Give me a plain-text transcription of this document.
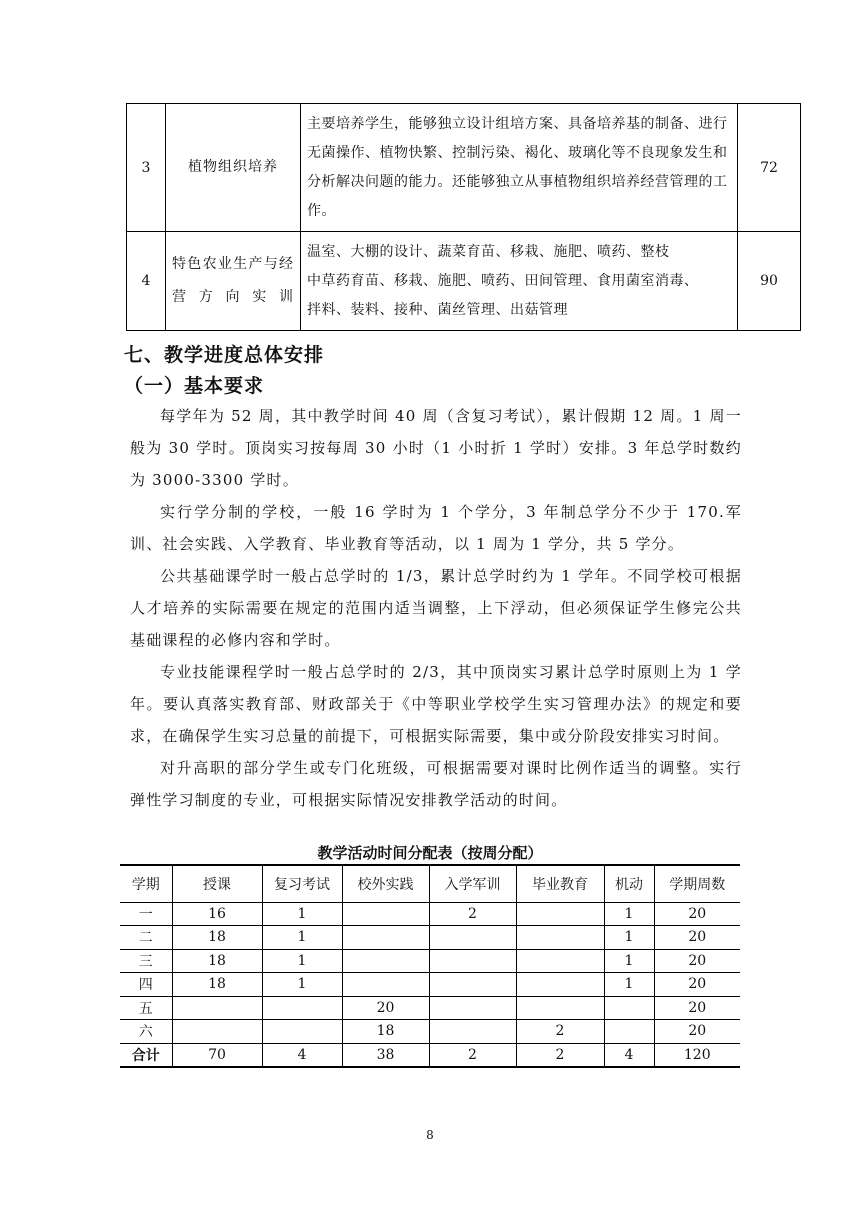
3	植物组织培养	主要培养学生，能够独立设计组培方案、具备培养基的制备、进行无菌操作、植物快繁、控制污染、褐化、玻璃化等不良现象发生和分析解决问题的能力。还能够独立从事植物组织培养经营管理的工作。	72
4	特色农业生产与经营方向实训	温室、大棚的设计、蔬菜育苗、移栽、施肥、喷药、整枝
中草药育苗、移栽、施肥、喷药、田间管理、食用菌室消毒、
拌料、装料、接种、菌丝管理、出菇管理	90
七、教学进度总体安排
（一）基本要求

每学年为 52 周，其中教学时间 40 周（含复习考试），累计假期 12 周。1 周一般为 30 学时。顶岗实习按每周 30 小时（1 小时折 1 学时）安排。3 年总学时数约为 3000-3300 学时。

实行学分制的学校，一般 16 学时为 1 个学分，3 年制总学分不少于 170.军训、社会实践、入学教育、毕业教育等活动，以 1 周为 1 学分，共 5 学分。

公共基础课学时一般占总学时的 1/3，累计总学时约为 1 学年。不同学校可根据人才培养的实际需要在规定的范围内适当调整，上下浮动，但必须保证学生修完公共基础课程的必修内容和学时。

专业技能课程学时一般占总学时的 2/3，其中顶岗实习累计总学时原则上为 1 学年。要认真落实教育部、财政部关于《中等职业学校学生实习管理办法》的规定和要求，在确保学生实习总量的前提下，可根据实际需要，集中或分阶段安排实习时间。

对升高职的部分学生或专门化班级，可根据需要对课时比例作适当的调整。实行弹性学习制度的专业，可根据实际情况安排教学活动的时间。

教学活动时间分配表（按周分配）
学期	授课	复习考试	校外实践	入学军训	毕业教育	机动	学期周数
一	16	1		2		1	20
二	18	1				1	20
三	18	1				1	20
四	18	1				1	20
五			20				20
六			18		2		20
合计	70	4	38	2	2	4	120
8
